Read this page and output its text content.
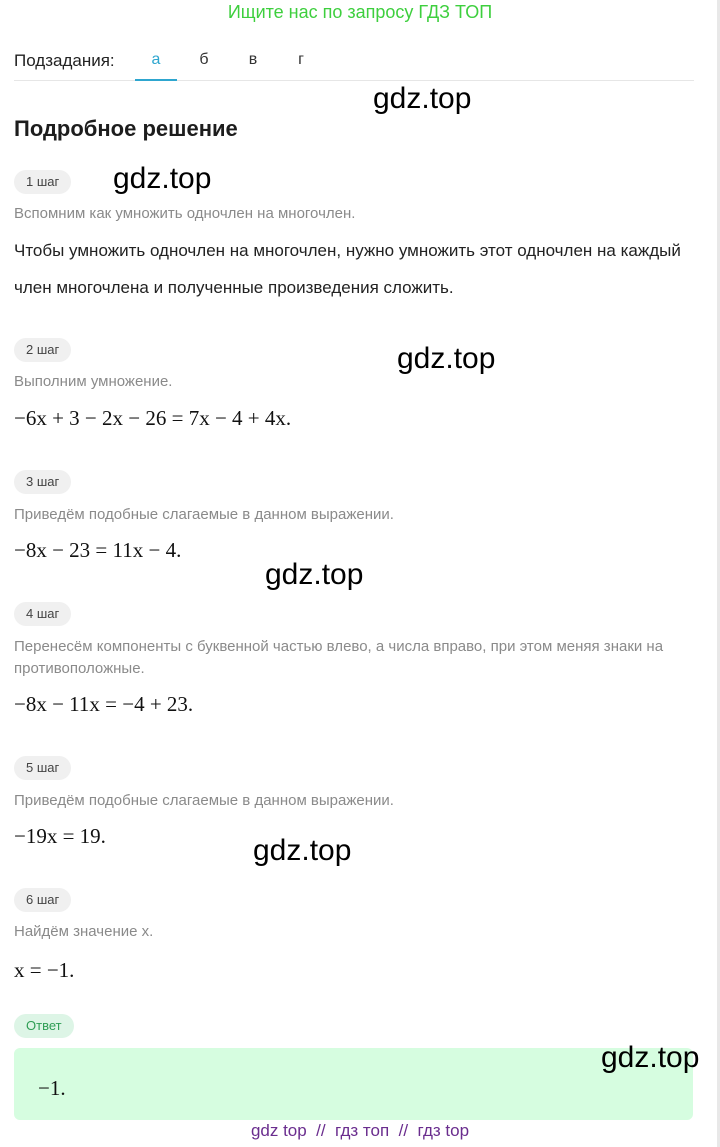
Ищите нас по запросу ГДЗ ТОП
Подзадания:	а	б	в	г
Подробное решение
1 шаг
Вспомним как умножить одночлен на многочлен.
Чтобы умножить одночлен на многочлен, нужно умножить этот одночлен на каждый член многочлена и полученные произведения сложить.
2 шаг
Выполним умножение.
−6x + 3 − 2x − 26 = 7x − 4 + 4x.
3 шаг
Приведём подобные слагаемые в данном выражении.
−8x − 23 = 11x − 4.
4 шаг
Перенесём компоненты с буквенной частью влево, а числа вправо, при этом меняя знаки на противоположные.
−8x − 11x = −4 + 23.
5 шаг
Приведём подобные слагаемые в данном выражении.
−19x = 19.
6 шаг
Найдём значение x.
x = −1.
Ответ
−1.
gdz.top
gdz.top
gdz.top
gdz.top
gdz.top
gdz.top
gdz top  //  гдз топ  //  гдз top
